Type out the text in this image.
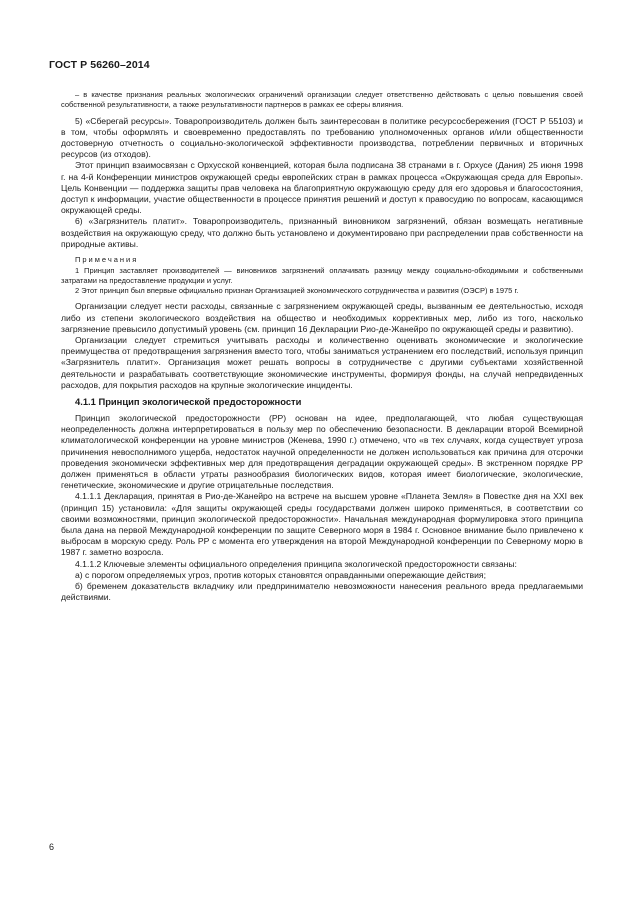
ГОСТ Р 56260–2014

– в качестве признания реальных экологических ограничений организации следует ответственно действовать с целью повышения своей собственной результативности, а также результативности партнеров в рамках ее сферы влияния.

5) «Сберегай ресурсы». Товаропроизводитель должен быть заинтересован в политике ресурсосбережения (ГОСТ Р 55103) и в том, чтобы оформлять и своевременно предоставлять по требованию уполномоченных органов и/или общественности достоверную отчетность о социально-экологической эффективности производства, потреблении первичных и вторичных ресурсов (из отходов).

Этот принцип взаимосвязан с Орхусской конвенцией, которая была подписана 38 странами в г. Орхусе (Дания) 25 июня 1998 г. на 4-й Конференции министров окружающей среды европейских стран в рамках процесса «Окружающая среда для Европы». Цель Конвенции — поддержка защиты прав человека на благоприятную окружающую среду для его здоровья и благосостояния, доступ к информации, участие общественности в процессе принятия решений и доступ к правосудию по вопросам, касающимся окружающей среды.

6) «Загрязнитель платит». Товаропроизводитель, признанный виновником загрязнений, обязан возмещать негативные воздействия на окружающую среду, что должно быть установлено и документировано при распределении прав собственности на природные активы.

Примечания

1 Принцип заставляет производителей — виновников загрязнений оплачивать разницу между социально-обходимыми и собственными затратами на предоставление продукции и услуг.

2 Этот принцип был впервые официально признан Организацией экономического сотрудничества и развития (ОЭСР) в 1975 г.

Организации следует нести расходы, связанные с загрязнением окружающей среды, вызванным ее деятельностью, исходя либо из степени экологического воздействия на общество и необходимых коррективных мер, либо из того, насколько загрязнение превысило допустимый уровень (см. принцип 16 Декларации Рио-де-Жанейро по окружающей среды и развитию).

Организации следует стремиться учитывать расходы и количественно оценивать экономические и экологические преимущества от предотвращения загрязнения вместо того, чтобы заниматься устранением его последствий, используя принцип «Загрязнитель платит». Организация может решать вопросы в сотрудничестве с другими субъектами хозяйственной деятельности и разрабатывать соответствующие экономические инструменты, формируя фонды, на случай непредвиденных расходов, для покрытия расходов на крупные экологические инциденты.

4.1.1 Принцип экологической предосторожности

Принцип экологической предосторожности (РР) основан на идее, предполагающей, что любая существующая неопределенность должна интерпретироваться в пользу мер по обеспечению безопасности. В декларации второй Всемирной климатологической конференции на уровне министров (Женева, 1990 г.) отмечено, что «в тех случаях, когда существует угроза причинения невосполнимого ущерба, недостаток научной определенности не должен использоваться как причина для отсрочки проведения экономически эффективных мер для предотвращения деградации окружающей среды». В экстренном порядке РР должен применяться в области утраты разнообразия биологических видов, которая имеет биологические, экологические, генетические, экономические и другие отрицательные последствия.

4.1.1.1 Декларация, принятая в Рио-де-Жанейро на встрече на высшем уровне «Планета Земля» в Повестке дня на XXI век (принцип 15) установила: «Для защиты окружающей среды государствами должен широко применяться, в соответствии со своими возможностями, принцип экологической предосторожности». Начальная международная формулировка этого принципа была дана на первой Международной конференции по защите Северного моря в 1984 г. Основное внимание было привлечено к выбросам в морскую среду. Роль РР с момента его утверждения на второй Международной конференции по Северному морю в 1987 г. заметно возросла.

4.1.1.2 Ключевые элементы официального определения принципа экологической предосторожности связаны:

а) с порогом определяемых угроз, против которых становятся оправданными опережающие действия;

б) бременем доказательств вкладчику или предпринимателю невозможности нанесения реального вреда предлагаемыми действиями.

6
